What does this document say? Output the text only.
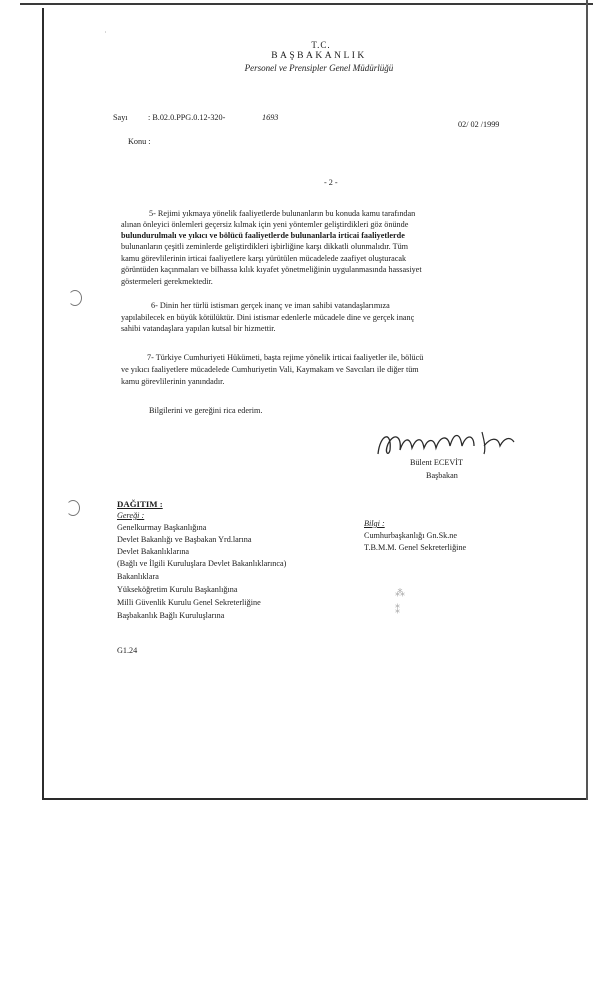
˙
⁂
⁑
T.C.
BAŞBAKANLIK
Personel ve Prensipler Genel Müdürlüğü
Sayı : B.02.0.PPG.0.12-320-	1693
02/ 02 /1999
Konu :
- 2 -
5- Rejimi yıkmaya yönelik faaliyetlerde bulunanların bu konuda kamu tarafından
alınan önleyici önlemleri geçersiz kılmak için yeni yöntemler geliştirdikleri göz önünde
bulundurulmalı ve yıkıcı ve bölücü faaliyetlerde bulunanlarla irticai faaliyetlerde
bulunanların çeşitli zeminlerde geliştirdikleri işbirliğine karşı dikkatli olunmalıdır. Tüm
kamu görevlilerinin irticai faaliyetlere karşı yürütülen mücadelede zaafiyet oluşturacak
görüntüden kaçınmaları ve bilhassa kılık kıyafet yönetmeliğinin uygulanmasında hassasiyet
göstermeleri gerekmektedir.
6- Dinin her türlü istismarı gerçek inanç ve iman sahibi vatandaşlarımıza
yapılabilecek en büyük kötülüktür. Dini istismar edenlerle mücadele dine ve gerçek inanç
sahibi vatandaşlara yapılan kutsal bir hizmettir.
7- Türkiye Cumhuriyeti Hükümeti, başta rejime yönelik irticai faaliyetler ile, bölücü
ve yıkıcı faaliyetlere mücadelede Cumhuriyetin Vali, Kaymakam ve Savcıları ile diğer tüm
kamu görevlilerinin yanındadır.
Bilgilerini ve gereğini rica ederim.
Bülent ECEVİT
Başbakan
DAĞITIM :
Gereği :
Genelkurmay Başkanlığına
Devlet Bakanlığı ve Başbakan Yrd.larına
Devlet Bakanlıklarına
(Bağlı ve İlgili Kuruluşlara Devlet Bakanlıklarınca)
Bakanlıklara
Yükseköğretim Kurulu Başkanlığına
Milli Güvenlik Kurulu Genel Sekreterliğine
Başbakanlık Bağlı Kuruluşlarına
Bilgi :
Cumhurbaşkanlığı Gn.Sk.ne
T.B.M.M. Genel Sekreterliğine
G1.24
